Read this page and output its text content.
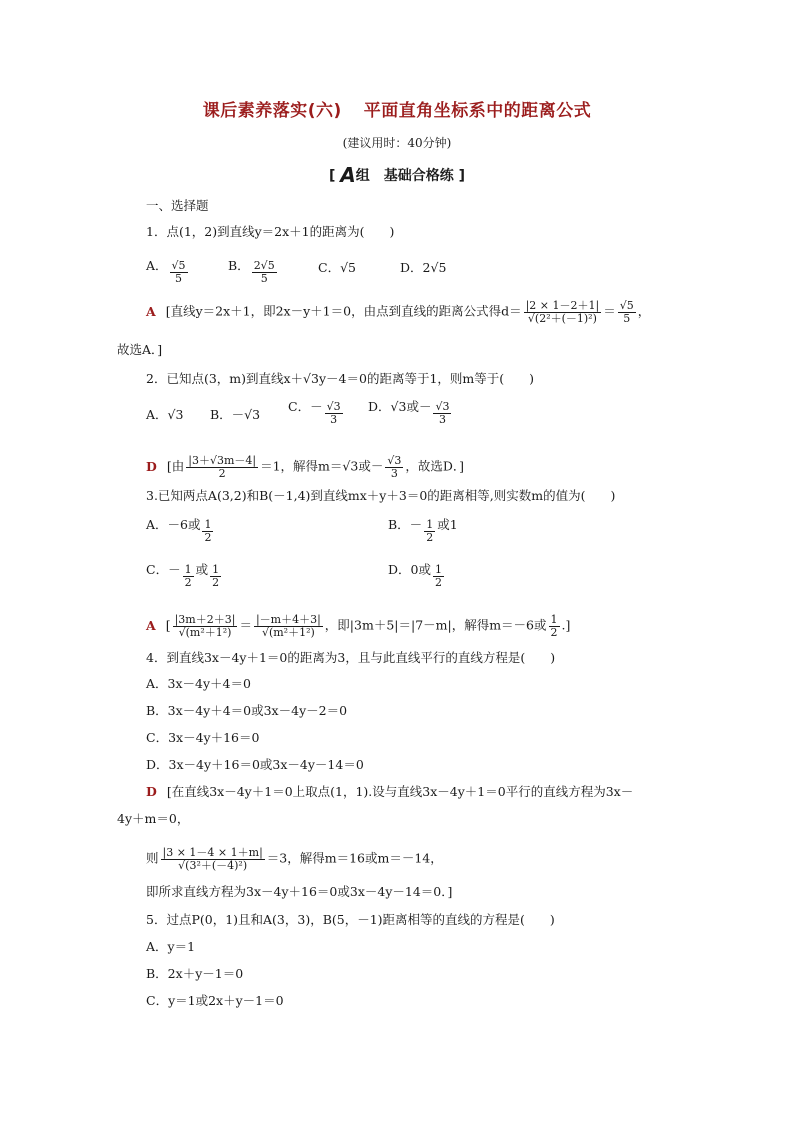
课后素养落实(六) 平面直角坐标系中的距离公式
(建议用时：40分钟)
[ A组　基础合格练 ]
一、选择题
1．点(1，2)到直线y＝2x＋1的距离为(　　)
A． $\frac{√5}{5}$	B． $\frac{2√5}{5}$	C．√5	D．2√5
A [直线y＝2x＋1，即2x－y＋1＝0，由点到直线的距离公式得$d= \frac{|2 \times 1-2+1|}{\text{√(2²＋(－1)²)}} = \frac{√5}{5}$ ，
故选A．]
2．已知点(3，m)到直线x＋√3y－4＝0的距离等于1，则m等于(　　)
A．√3 B．－√3
C．－ $\frac{√3}{3}$ D．√3或－ $\frac{√3}{3}$
D [由 $\frac{|3+√3m-4|}{2} =1$，解得m＝√3或－ $\frac{√3}{3}$ ，故选D．]
3.已知两点A(3,2)和B(－1,4)到直线mx＋y＋3＝0的距离相等,则实数m的值为(　　)
A．－6或 $\frac{1}{2}$	B．－ $\frac{1}{2}$ 或1
C．－ $\frac{1}{2}$ 或 $\frac{1}{2}$	D．0或 $\frac{1}{2}$
A [ $\frac{|3m+2+3|}{\text{√(m²＋1²)}} = \frac{|-m+4+3|}{\text{√(m²＋1²)}}$ ，即|3m＋5|＝|7－m|，解得m＝－6或 $\frac{1}{2}$ .]
4．到直线3x－4y＋1＝0的距离为3，且与此直线平行的直线方程是(　　)
A．3x－4y＋4＝0
B．3x－4y＋4＝0或3x－4y－2＝0
C．3x－4y＋16＝0
D．3x－4y＋16＝0或3x－4y－14＝0
D [在直线3x－4y＋1＝0上取点(1，1).设与直线3x－4y＋1＝0平行的直线方程为3x－
4y＋m＝0，
则 $\frac{|3 \times 1-4 \times 1+m|}{\text{√(3²＋(－4)²)}} =3$，解得m＝16或m＝－14，
即所求直线方程为3x－4y＋16＝0或3x－4y－14＝0．]
5．过点P(0，1)且和A(3，3)，B(5，－1)距离相等的直线的方程是(　　)
A．y＝1
B．2x＋y－1＝0
C．y＝1或2x＋y－1＝0
